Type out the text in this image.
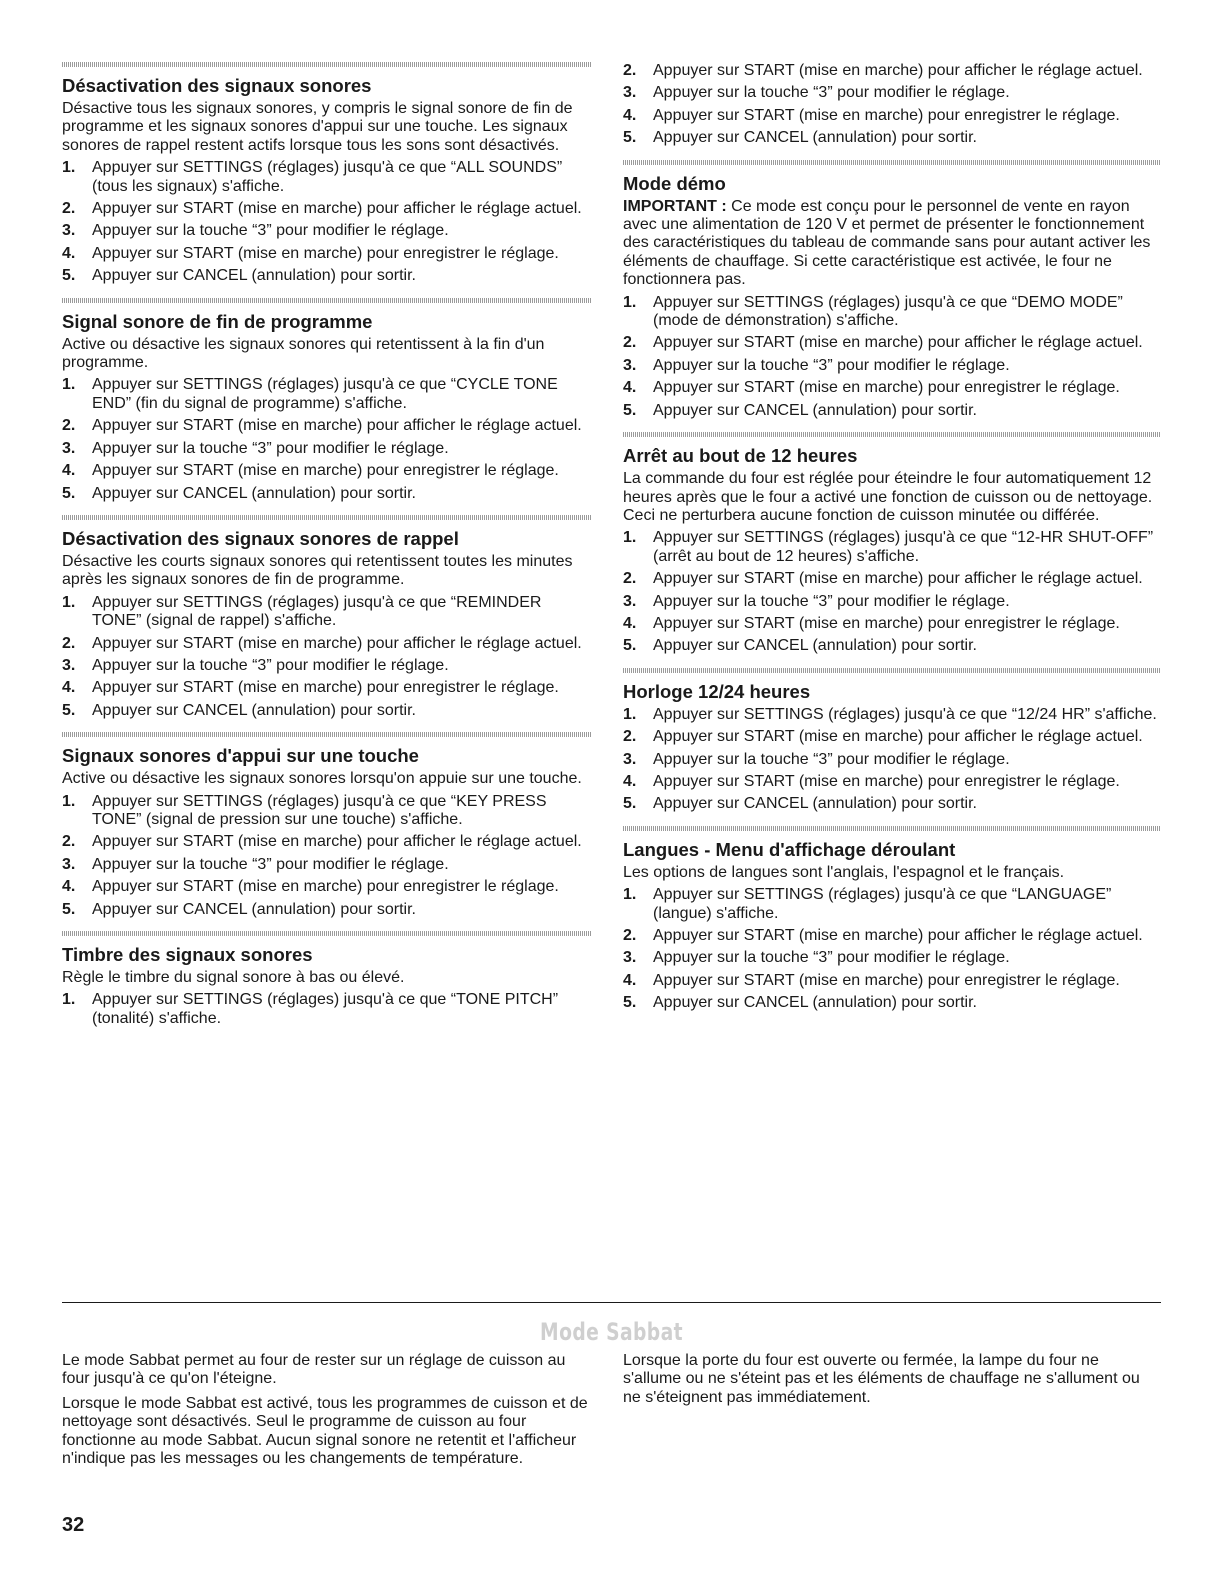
Désactivation des signaux sonores

Désactive tous les signaux sonores, y compris le signal sonore de fin de programme et les signaux sonores d'appui sur une touche. Les signaux sonores de rappel restent actifs lorsque tous les sons sont désactivés.

1. Appuyer sur SETTINGS (réglages) jusqu'à ce que “ALL SOUNDS” (tous les signaux) s'affiche.
2. Appuyer sur START (mise en marche) pour afficher le réglage actuel.
3. Appuyer sur la touche “3” pour modifier le réglage.
4. Appuyer sur START (mise en marche) pour enregistrer le réglage.
5. Appuyer sur CANCEL (annulation) pour sortir.
Signal sonore de fin de programme

Active ou désactive les signaux sonores qui retentissent à la fin d'un programme.

1. Appuyer sur SETTINGS (réglages) jusqu'à ce que “CYCLE TONE END” (fin du signal de programme) s'affiche.
2. Appuyer sur START (mise en marche) pour afficher le réglage actuel.
3. Appuyer sur la touche “3” pour modifier le réglage.
4. Appuyer sur START (mise en marche) pour enregistrer le réglage.
5. Appuyer sur CANCEL (annulation) pour sortir.
Désactivation des signaux sonores de rappel

Désactive les courts signaux sonores qui retentissent toutes les minutes après les signaux sonores de fin de programme.

1. Appuyer sur SETTINGS (réglages) jusqu'à ce que “REMINDER TONE” (signal de rappel) s'affiche.
2. Appuyer sur START (mise en marche) pour afficher le réglage actuel.
3. Appuyer sur la touche “3” pour modifier le réglage.
4. Appuyer sur START (mise en marche) pour enregistrer le réglage.
5. Appuyer sur CANCEL (annulation) pour sortir.
Signaux sonores d'appui sur une touche

Active ou désactive les signaux sonores lorsqu'on appuie sur une touche.

1. Appuyer sur SETTINGS (réglages) jusqu'à ce que “KEY PRESS TONE” (signal de pression sur une touche) s'affiche.
2. Appuyer sur START (mise en marche) pour afficher le réglage actuel.
3. Appuyer sur la touche “3” pour modifier le réglage.
4. Appuyer sur START (mise en marche) pour enregistrer le réglage.
5. Appuyer sur CANCEL (annulation) pour sortir.
Timbre des signaux sonores

Règle le timbre du signal sonore à bas ou élevé.

1. Appuyer sur SETTINGS (réglages) jusqu'à ce que “TONE PITCH” (tonalité) s'affiche.
2. Appuyer sur START (mise en marche) pour afficher le réglage actuel.
3. Appuyer sur la touche “3” pour modifier le réglage.
4. Appuyer sur START (mise en marche) pour enregistrer le réglage.
5. Appuyer sur CANCEL (annulation) pour sortir.
Mode démo

IMPORTANT : Ce mode est conçu pour le personnel de vente en rayon avec une alimentation de 120 V et permet de présenter le fonctionnement des caractéristiques du tableau de commande sans pour autant activer les éléments de chauffage. Si cette caractéristique est activée, le four ne fonctionnera pas.

1. Appuyer sur SETTINGS (réglages) jusqu'à ce que “DEMO MODE” (mode de démonstration) s'affiche.
2. Appuyer sur START (mise en marche) pour afficher le réglage actuel.
3. Appuyer sur la touche “3” pour modifier le réglage.
4. Appuyer sur START (mise en marche) pour enregistrer le réglage.
5. Appuyer sur CANCEL (annulation) pour sortir.
Arrêt au bout de 12 heures

La commande du four est réglée pour éteindre le four automatiquement 12 heures après que le four a activé une fonction de cuisson ou de nettoyage. Ceci ne perturbera aucune fonction de cuisson minutée ou différée.

1. Appuyer sur SETTINGS (réglages) jusqu'à ce que “12-HR SHUT-OFF” (arrêt au bout de 12 heures) s'affiche.
2. Appuyer sur START (mise en marche) pour afficher le réglage actuel.
3. Appuyer sur la touche “3” pour modifier le réglage.
4. Appuyer sur START (mise en marche) pour enregistrer le réglage.
5. Appuyer sur CANCEL (annulation) pour sortir.
Horloge 12/24 heures
1. Appuyer sur SETTINGS (réglages) jusqu'à ce que “12/24 HR” s'affiche.
2. Appuyer sur START (mise en marche) pour afficher le réglage actuel.
3. Appuyer sur la touche “3” pour modifier le réglage.
4. Appuyer sur START (mise en marche) pour enregistrer le réglage.
5. Appuyer sur CANCEL (annulation) pour sortir.
Langues - Menu d'affichage déroulant

Les options de langues sont l'anglais, l'espagnol et le français.

1. Appuyer sur SETTINGS (réglages) jusqu'à ce que “LANGUAGE” (langue) s'affiche.
2. Appuyer sur START (mise en marche) pour afficher le réglage actuel.
3. Appuyer sur la touche “3” pour modifier le réglage.
4. Appuyer sur START (mise en marche) pour enregistrer le réglage.
5. Appuyer sur CANCEL (annulation) pour sortir.
Mode Sabbat

Le mode Sabbat permet au four de rester sur un réglage de cuisson au four jusqu'à ce qu'on l'éteigne.

Lorsque le mode Sabbat est activé, tous les programmes de cuisson et de nettoyage sont désactivés. Seul le programme de cuisson au four fonctionne au mode Sabbat. Aucun signal sonore ne retentit et l'afficheur n'indique pas les messages ou les changements de température.

Lorsque la porte du four est ouverte ou fermée, la lampe du four ne s'allume ou ne s'éteint pas et les éléments de chauffage ne s'allument ou ne s'éteignent pas immédiatement.

32
